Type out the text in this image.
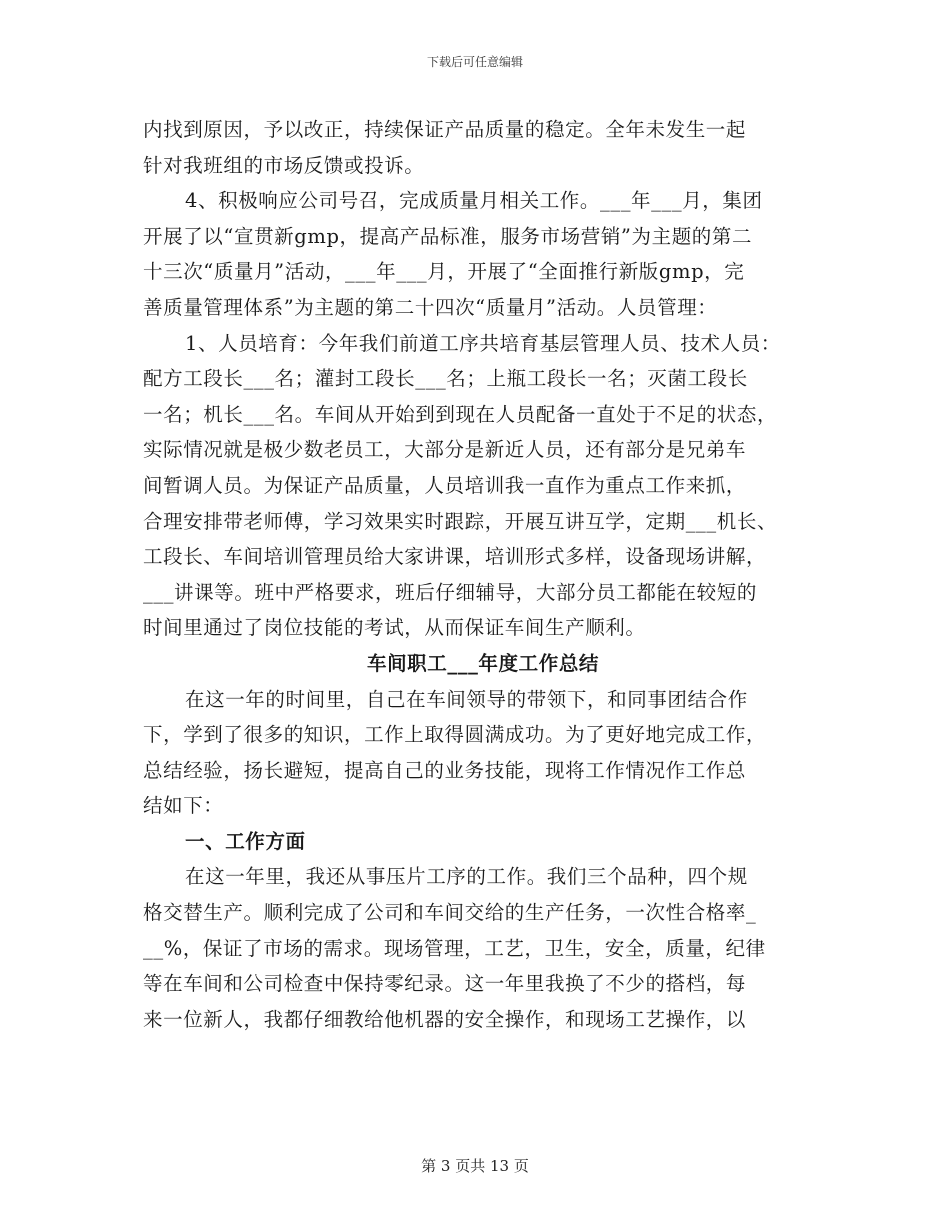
下载后可任意编辑
内找到原因，予以改正，持续保证产品质量的稳定。全年未发生一起
针对我班组的市场反馈或投诉。
4、积极响应公司号召，完成质量月相关工作。___年___月，集团
开展了以“宣贯新gmp，提高产品标准，服务市场营销”为主题的第二
十三次“质量月”活动，___年___月，开展了“全面推行新版gmp，完
善质量管理体系”为主题的第二十四次“质量月”活动。人员管理：
1、人员培育：今年我们前道工序共培育基层管理人员、技术人员：
配方工段长___名；灌封工段长___名；上瓶工段长一名；灭菌工段长
一名；机长___名。车间从开始到到现在人员配备一直处于不足的状态，
实际情况就是极少数老员工，大部分是新近人员，还有部分是兄弟车
间暂调人员。为保证产品质量，人员培训我一直作为重点工作来抓，
合理安排带老师傅，学习效果实时跟踪，开展互讲互学，定期___机长、
工段长、车间培训管理员给大家讲课，培训形式多样，设备现场讲解，
___讲课等。班中严格要求，班后仔细辅导，大部分员工都能在较短的
时间里通过了岗位技能的考试，从而保证车间生产顺利。
车间职工___年度工作总结
在这一年的时间里，自己在车间领导的带领下，和同事团结合作
下，学到了很多的知识，工作上取得圆满成功。为了更好地完成工作，
总结经验，扬长避短，提高自己的业务技能，现将工作情况作工作总
结如下：
一、工作方面
在这一年里，我还从事压片工序的工作。我们三个品种，四个规
格交替生产。顺利完成了公司和车间交给的生产任务，一次性合格率_
__%，保证了市场的需求。现场管理，工艺，卫生，安全，质量，纪律
等在车间和公司检查中保持零纪录。这一年里我换了不少的搭档，每
来一位新人，我都仔细教给他机器的安全操作，和现场工艺操作，以
第 3 页共 13 页
